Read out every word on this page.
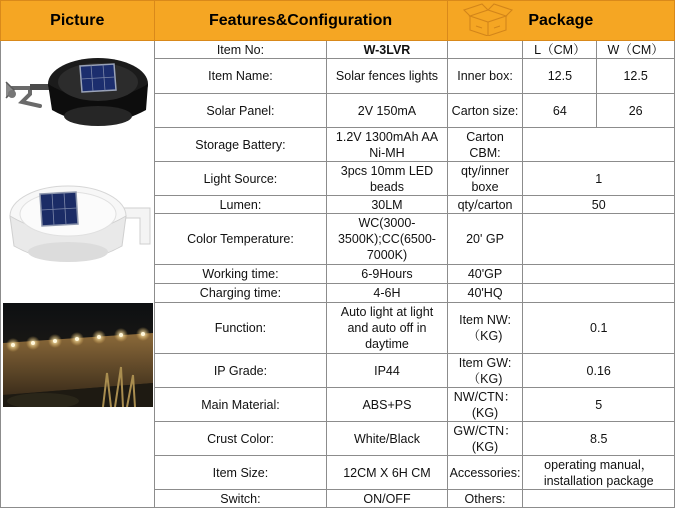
Picture	Features&Configuration		Package		
	Item No:	W-3LVR		L（CM）	W（CM）
	Item Name:	Solar fences lights	Inner box:	12.5	12.5
	Solar Panel:	2V 150mA	Carton size:	64	26
	Storage Battery:	1.2V 1300mAh AA Ni-MH	Carton CBM:		
	Light Source:	3pcs 10mm LED beads	qty/inner boxe	1	
	Lumen:	30LM	qty/carton	50	
	Color Temperature:	WC(3000-3500K);CC(6500-7000K)	20' GP		
	Working time:	6-9Hours	40'GP		
	Charging time:	4-6H	40'HQ		
	Function:	Auto light at light and auto off in daytime	Item NW:（KG)	0.1	
	IP Grade:	IP44	Item GW:（KG)	0.16	
	Main Material:	ABS+PS	NW/CTN：(KG)	5	
	Crust Color:	White/Black	GW/CTN：(KG)	8.5	
	Item Size:	12CM X 6H CM	Accessories:	operating manual，installation package	
	Switch:	ON/OFF	Others:		
